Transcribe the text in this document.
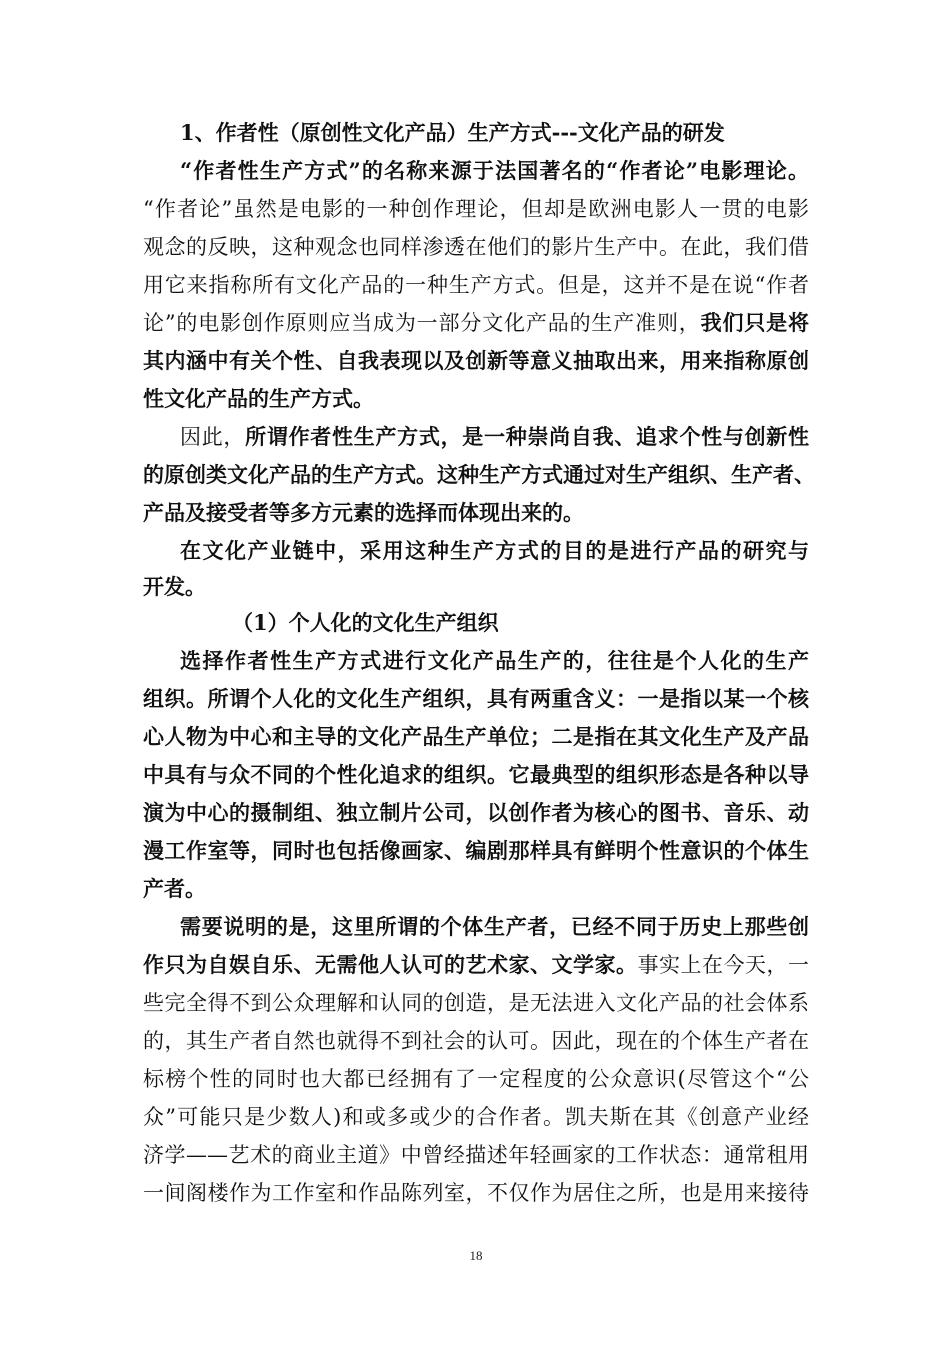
1、作者性（原创性文化产品）生产方式---文化产品的研发
“作者性生产方式”的名称来源于法国著名的“作者论”电影理论。
“作者论”虽然是电影的一种创作理论，但却是欧洲电影人一贯的电影
观念的反映，这种观念也同样渗透在他们的影片生产中。在此，我们借
用它来指称所有文化产品的一种生产方式。但是，这并不是在说“作者
论”的电影创作原则应当成为一部分文化产品的生产准则，我们只是将
其内涵中有关个性、自我表现以及创新等意义抽取出来，用来指称原创
性文化产品的生产方式。
因此，所谓作者性生产方式，是一种崇尚自我、追求个性与创新性
的原创类文化产品的生产方式。这种生产方式通过对生产组织、生产者、
产品及接受者等多方元素的选择而体现出来的。
在文化产业链中，采用这种生产方式的目的是进行产品的研究与
开发。
（1）个人化的文化生产组织
选择作者性生产方式进行文化产品生产的，往往是个人化的生产
组织。所谓个人化的文化生产组织，具有两重含义：一是指以某一个核
心人物为中心和主导的文化产品生产单位；二是指在其文化生产及产品
中具有与众不同的个性化追求的组织。它最典型的组织形态是各种以导
演为中心的摄制组、独立制片公司，以创作者为核心的图书、音乐、动
漫工作室等，同时也包括像画家、编剧那样具有鲜明个性意识的个体生
产者。
需要说明的是，这里所谓的个体生产者，已经不同于历史上那些创
作只为自娱自乐、无需他人认可的艺术家、文学家。事实上在今天，一
些完全得不到公众理解和认同的创造，是无法进入文化产品的社会体系
的，其生产者自然也就得不到社会的认可。因此，现在的个体生产者在
标榜个性的同时也大都已经拥有了一定程度的公众意识(尽管这个“公
众”可能只是少数人)和或多或少的合作者。凯夫斯在其《创意产业经
济学——艺术的商业主道》中曾经描述年轻画家的工作状态：通常租用
一间阁楼作为工作室和作品陈列室，不仅作为居住之所，也是用来接待
18
